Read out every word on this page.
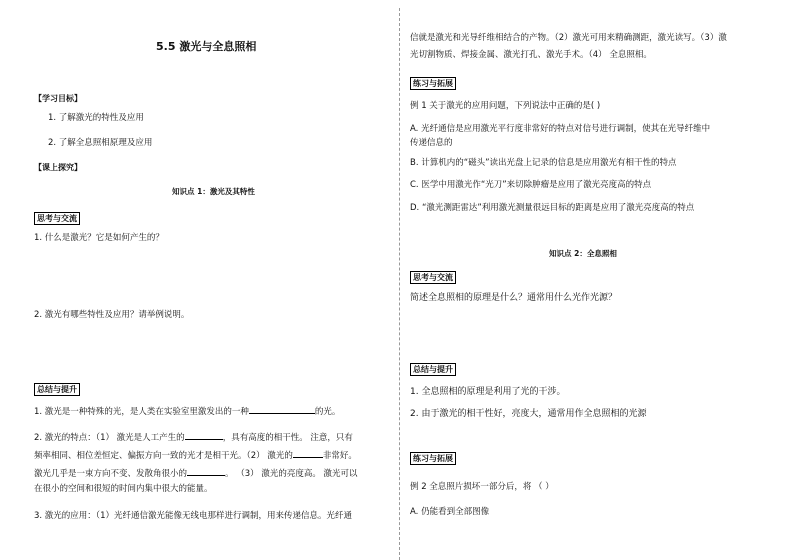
5.5 激光与全息照相
【学习目标】
1. 了解激光的特性及应用
2. 了解全息照相原理及应用
【课上探究】
知识点 1：激光及其特性
思考与交流
1. 什么是激光？它是如何产生的？
2. 激光有哪些特性及应用？请举例说明。
总结与提升
1. 激光是一种特殊的光，是人类在实验室里激发出的一种	的光。
2. 激光的特点：（1） 激光是人工产生的	，具有高度的相干性。 注意，只有
频率相同、相位差恒定、偏振方向一致的光才是相干光。（2） 激光的	非常好。
激光几乎是一束方向不变、发散角很小的	。 （3） 激光的亮度高。 激光可以
在很小的空间和很短的时间内集中很大的能量。
3. 激光的应用：（1）光纤通信激光能像无线电那样进行调制，用来传递信息。光纤通
信就是激光和光导纤维相结合的产物。（2）激光可用来精确测距，激光读写。（3）激
光切割物质、焊接金属、激光打孔、激光手术。（4） 全息照相。
练习与拓展
例 1 关于激光的应用问题，下列说法中正确的是( )
A. 光纤通信是应用激光平行度非常好的特点对信号进行调制，使其在光导纤维中
传递信息的
B. 计算机内的“磁头”读出光盘上记录的信息是应用激光有相干性的特点
C. 医学中用激光作“光刀”来切除肿瘤是应用了激光亮度高的特点
D. “激光测距雷达”利用激光测量很远目标的距离是应用了激光亮度高的特点
知识点 2：全息照相
思考与交流
简述全息照相的原理是什么？通常用什么光作光源？
总结与提升
1. 全息照相的原理是利用了光的干涉。
2. 由于激光的相干性好，亮度大，通常用作全息照相的光源
练习与拓展
例 2 全息照片损坏一部分后，将 （ ）
A. 仍能看到全部图像
